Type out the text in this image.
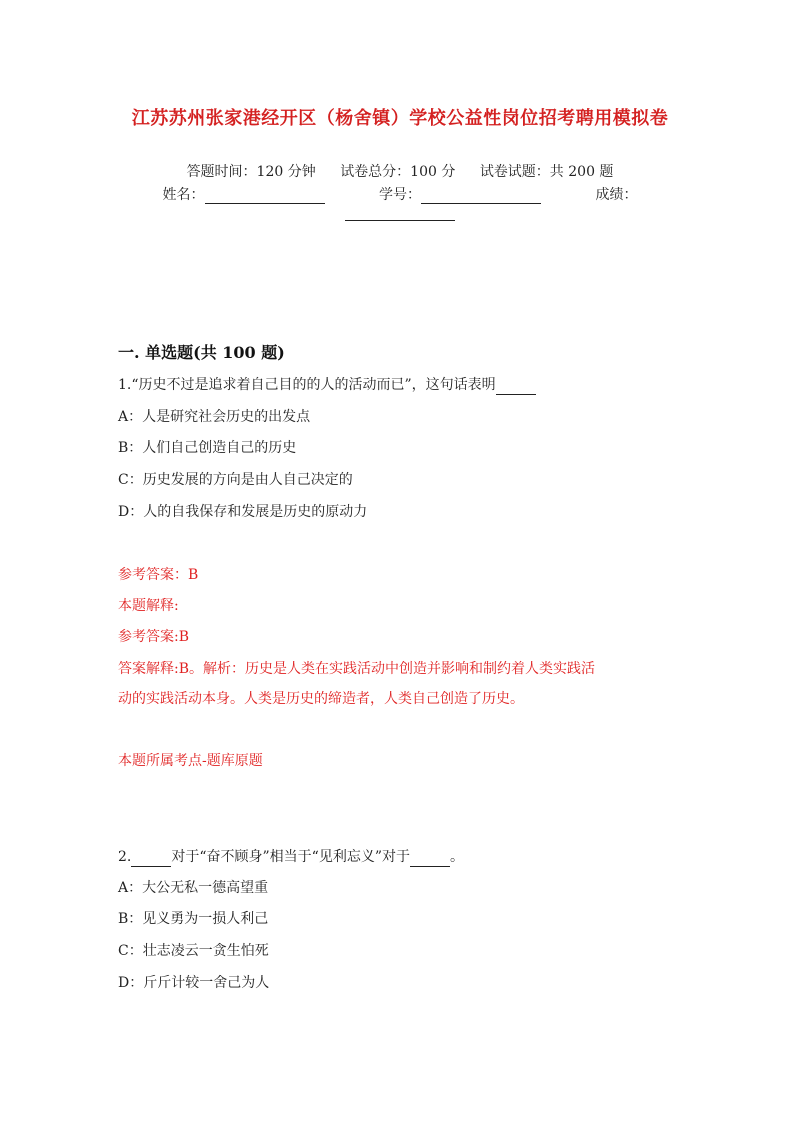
江苏苏州张家港经开区（杨舍镇）学校公益性岗位招考聘用模拟卷
答题时间：120 分钟 试卷总分：100 分 试卷试题：共 200 题
姓名：	学号：	成绩：
一. 单选题(共 100 题)
1.“历史不过是追求着自己目的的人的活动而已”，这句话表明
A：人是研究社会历史的出发点
B：人们自己创造自己的历史
C：历史发展的方向是由人自己决定的
D：人的自我保存和发展是历史的原动力
参考答案：B
本题解释:
参考答案:B
答案解释:B。解析：历史是人类在实践活动中创造并影响和制约着人类实践活
动的实践活动本身。人类是历史的缔造者，人类自己创造了历史。
本题所属考点-题库原题
2.	对于“奋不顾身”相当于“见利忘义”对于	。
A：大公无私一德高望重
B：见义勇为一损人利己
C：壮志凌云一贪生怕死
D：斤斤计较一舍己为人
